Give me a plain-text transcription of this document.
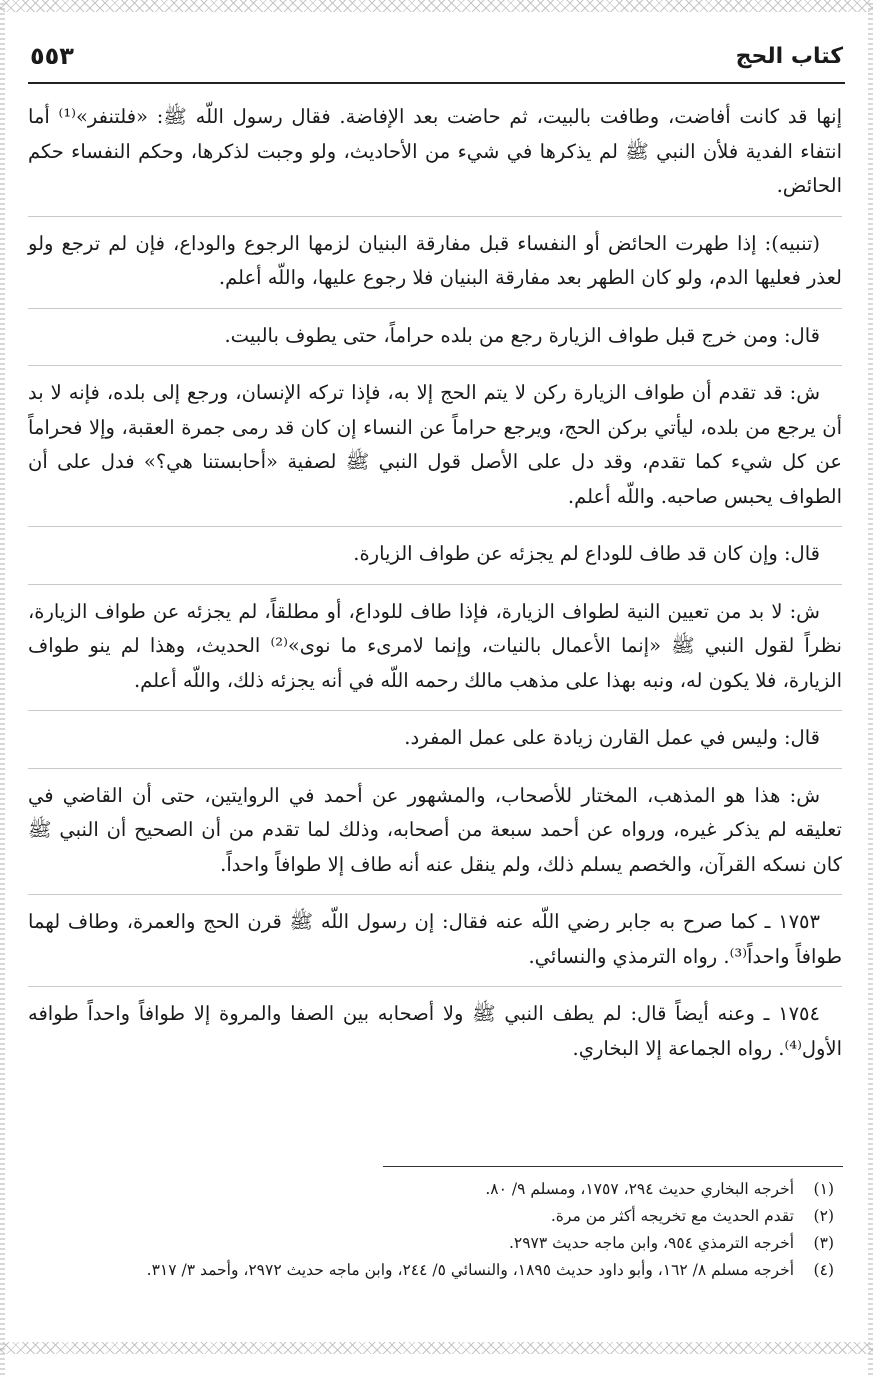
كتاب الحج
٥٥٣

إنها قد كانت أفاضت، وطافت بالبيت، ثم حاضت بعد الإفاضة. فقال رسول اللّه ﷺ: «فلتنفر»⁽¹⁾ أما انتفاء الفدية فلأن النبي ﷺ لم يذكرها في شيء من الأحاديث، ولو وجبت لذكرها، وحكم النفساء حكم الحائض.

(تنبيه): إذا طهرت الحائض أو النفساء قبل مفارقة البنيان لزمها الرجوع والوداع، فإن لم ترجع ولو لعذر فعليها الدم، ولو كان الطهر بعد مفارقة البنيان فلا رجوع عليها، واللّه أعلم.

قال: ومن خرج قبل طواف الزيارة رجع من بلده حراماً، حتى يطوف بالبيت.

ش: قد تقدم أن طواف الزيارة ركن لا يتم الحج إلا به، فإذا تركه الإنسان، ورجع إلى بلده، فإنه لا بد أن يرجع من بلده، ليأتي بركن الحج، ويرجع حراماً عن النساء إن كان قد رمى جمرة العقبة، وإلا فحراماً عن كل شيء كما تقدم، وقد دل على الأصل قول النبي ﷺ لصفية «أحابستنا هي؟» فدل على أن الطواف يحبس صاحبه. واللّه أعلم.

قال: وإن كان قد طاف للوداع لم يجزئه عن طواف الزيارة.

ش: لا بد من تعيين النية لطواف الزيارة، فإذا طاف للوداع، أو مطلقاً، لم يجزئه عن طواف الزيارة، نظراً لقول النبي ﷺ «إنما الأعمال بالنيات، وإنما لامرىء ما نوى»⁽²⁾ الحديث، وهذا لم ينو طواف الزيارة، فلا يكون له، ونبه بهذا على مذهب مالك رحمه اللّه في أنه يجزئه ذلك، واللّه أعلم.

قال: وليس في عمل القارن زيادة على عمل المفرد.

ش: هذا هو المذهب، المختار للأصحاب، والمشهور عن أحمد في الروايتين، حتى أن القاضي في تعليقه لم يذكر غيره، ورواه عن أحمد سبعة من أصحابه، وذلك لما تقدم من أن الصحيح أن النبي ﷺ كان نسكه القرآن، والخصم يسلم ذلك، ولم ينقل عنه أنه طاف إلا طوافاً واحداً.

١٧٥٣ ـ كما صرح به جابر رضي اللّه عنه فقال: إن رسول اللّه ﷺ قرن الحج والعمرة، وطاف لهما طوافاً واحداً⁽³⁾. رواه الترمذي والنسائي.

١٧٥٤ ـ وعنه أيضاً قال: لم يطف النبي ﷺ ولا أصحابه بين الصفا والمروة إلا طوافاً واحداً طوافه الأول⁽⁴⁾. رواه الجماعة إلا البخاري.

(١)
أخرجه البخاري حديث ٢٩٤، ١٧٥٧، ومسلم ٩/ ٨٠.
(٢)
تقدم الحديث مع تخريجه أكثر من مرة.
(٣)
أخرجه الترمذي ٩٥٤، وابن ماجه حديث ٢٩٧٣.
(٤)
أخرجه مسلم ٨/ ١٦٢، وأبو داود حديث ١٨٩٥، والنسائي ٥/ ٢٤٤، وابن ماجه حديث ٢٩٧٢، وأحمد ٣/ ٣١٧.
